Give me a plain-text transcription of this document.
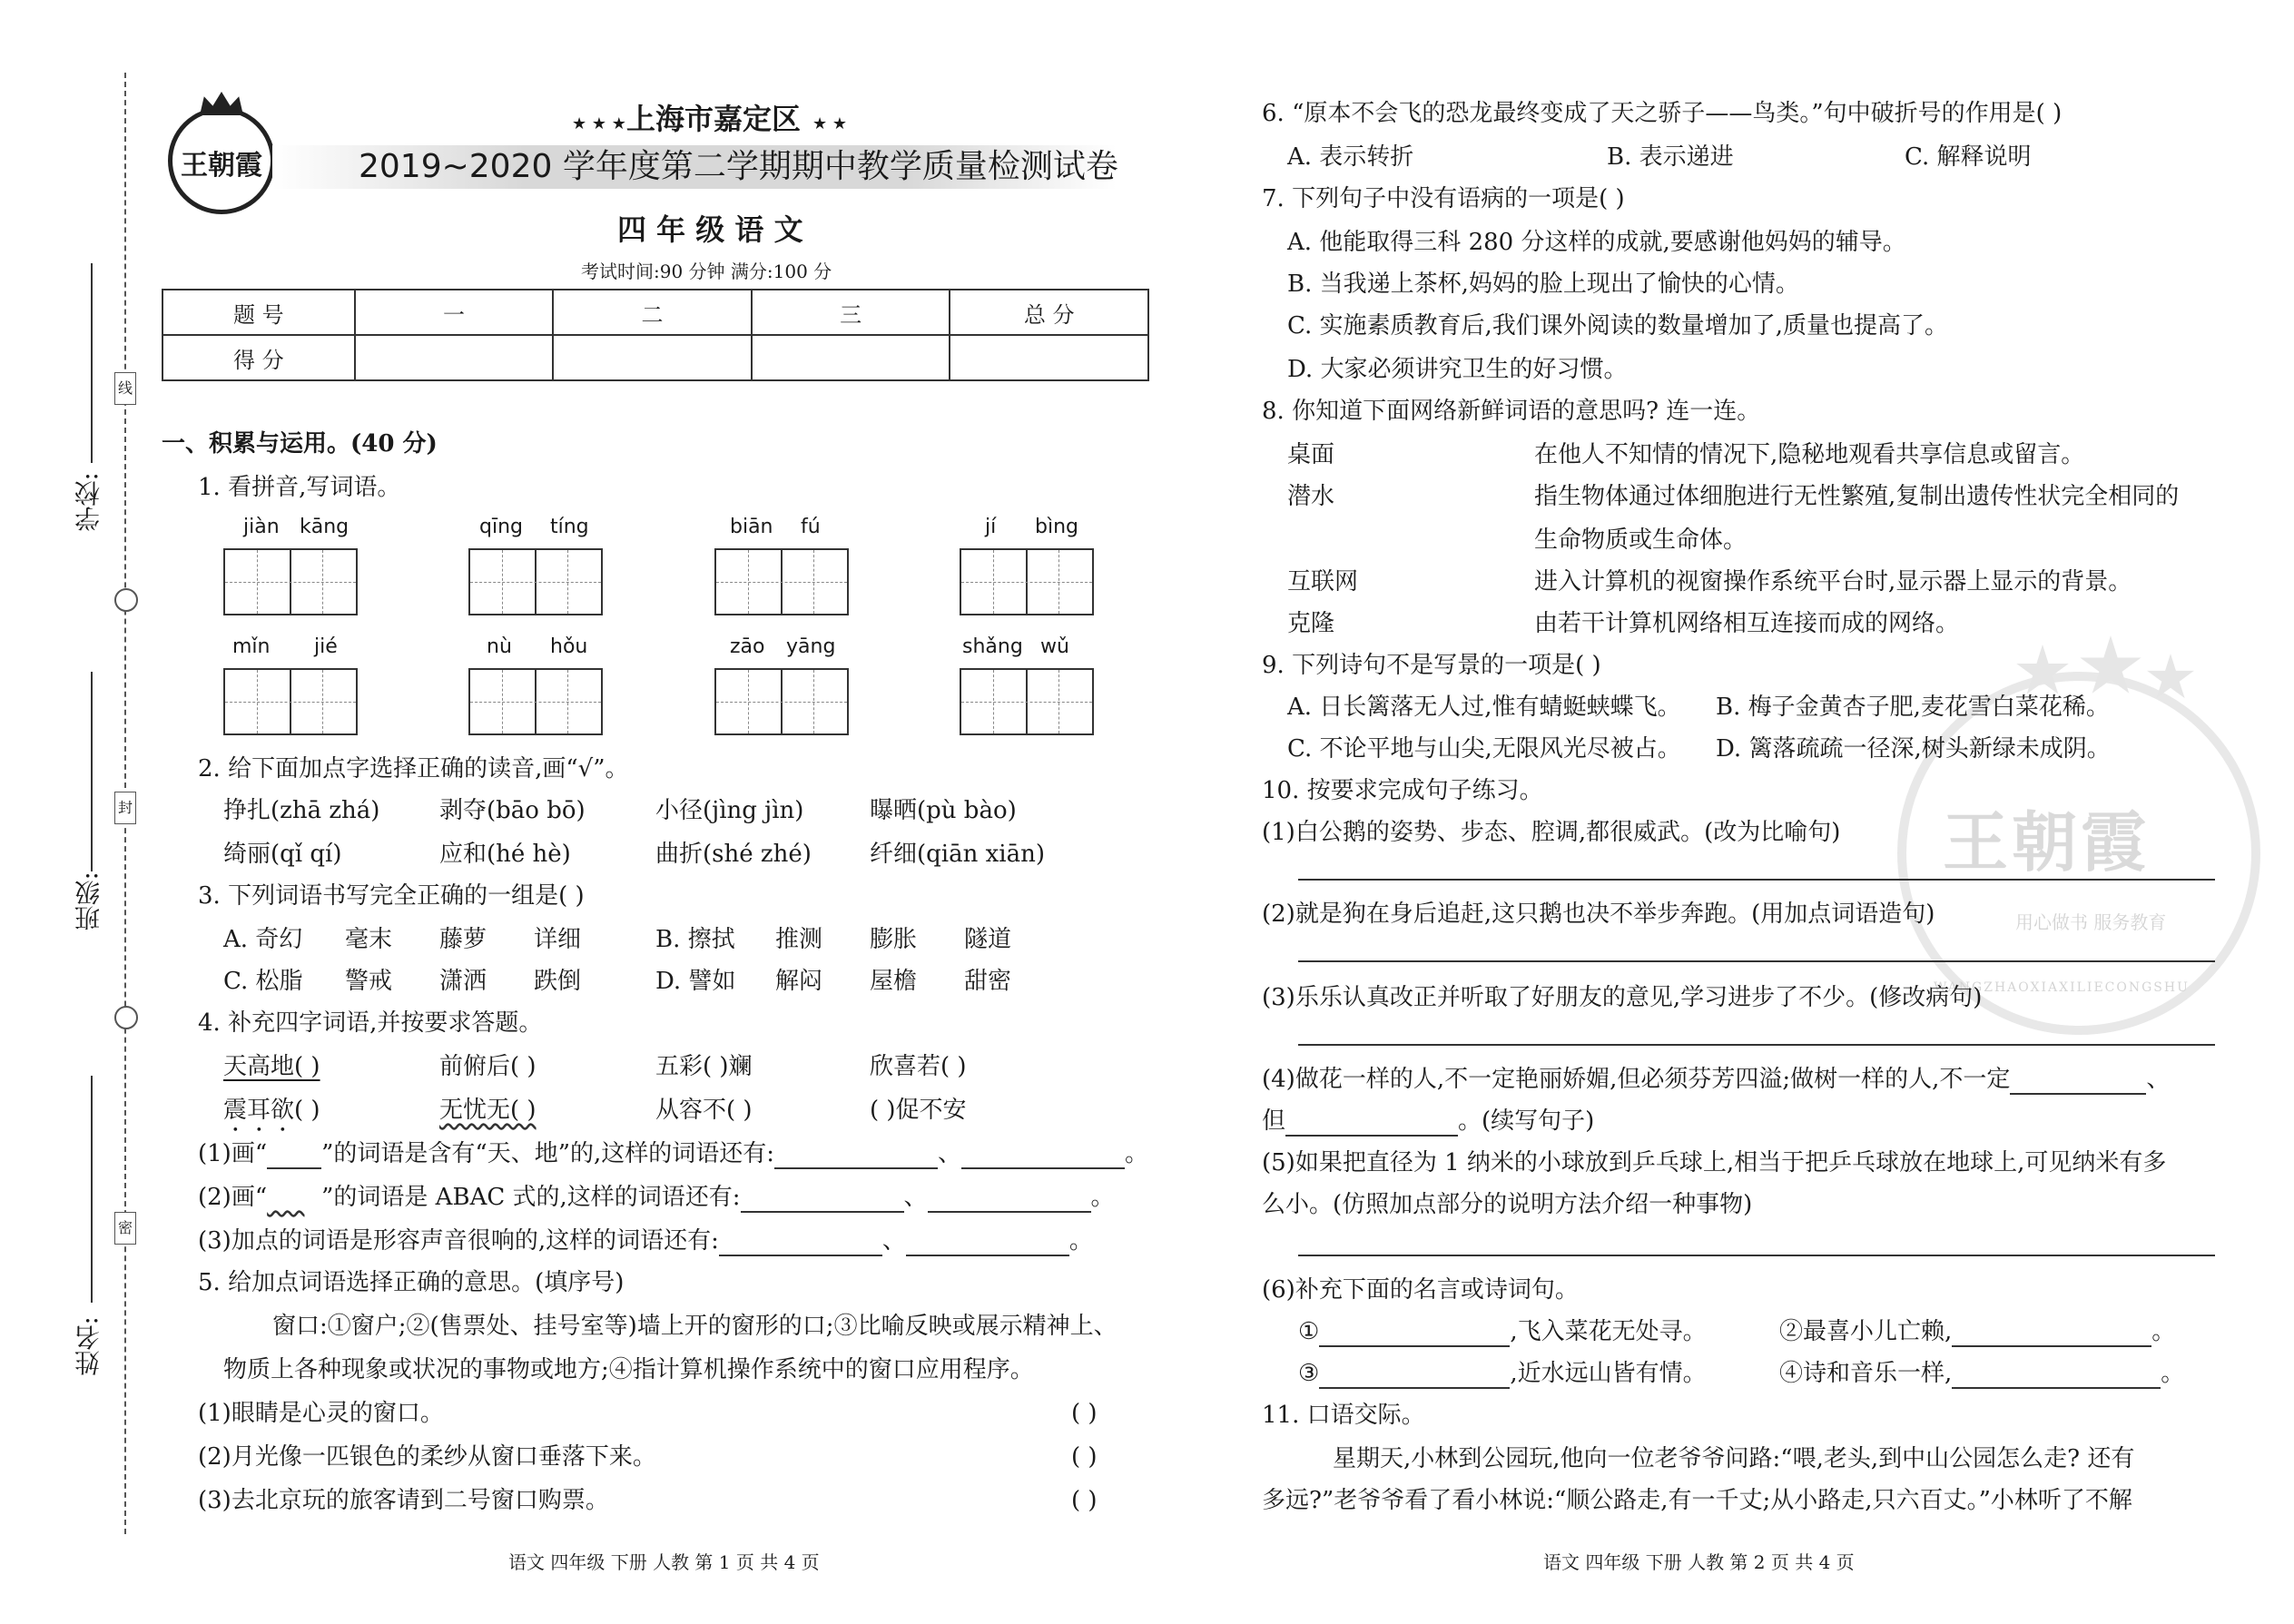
学校:
班级:
姓名:
线
封
密
王朝霞
★ ★ ★ 上海市嘉定区 ★ ★
2019~2020 学年度第二学期期中教学质量检测试卷
四 年 级 语 文
考试时间:90 分钟 满分:100 分
题 号	一	二	三	总 分
得 分				
一、积累与运用。(40 分)
1. 看拼音,写词语。
jiàn kāng	qīng tíng	biān fú	jí bìng
mǐn jié	nù hǒu	zāo yāng	shǎng wǔ
2. 给下面加点字选择正确的读音,画“√”。
挣扎(zhā zhá)	剥夺(bāo bō)	小径(jìng jìn)	曝晒(pù bào)
绮丽(qǐ qí)	应和(hé hè)	曲折(shé zhé) 纤细(qiān xiān)
3. 下列词语书写完全正确的一组是( )
A. 奇幻 毫末 藤萝 详细	B. 擦拭 推测 膨胀 隧道
C. 松脂 警戒 潇洒 跌倒	D. 譬如 解闷 屋檐 甜密
4. 补充四字词语,并按要求答题。
天高地( )	前俯后( )	五彩( )斓	欣喜若( )
震耳欲( )	无忧无( )	从容不( )	( )促不安
(1)画“ ”的词语是含有“天、地”的,这样的词语还有:	、	。
(2)画“ ”的词语是 ABAC 式的,这样的词语还有:	、	。
(3)加点的词语是形容声音很响的,这样的词语还有:	、	。
5. 给加点词语选择正确的意思。(填序号)
窗口:①窗户;②(售票处、挂号室等)墙上开的窗形的口;③比喻反映或展示精神上、
物质上各种现象或状况的事物或地方;④指计算机操作系统中的窗口应用程序。
(1)眼睛是心灵的窗口。	( )
(2)月光像一匹银色的柔纱从窗口垂落下来。	( )
(3)去北京玩的旅客请到二号窗口购票。	( )
语文 四年级 下册 人教 第 1 页 共 4 页
王朝霞
用心做书 服务教育
WANGZHAOXIAXILIECONGSHU
6. “原本不会飞的恐龙最终变成了天之骄子——鸟类。”句中破折号的作用是( )
A. 表示转折	B. 表示递进	C. 解释说明
7. 下列句子中没有语病的一项是( )
A. 他能取得三科 280 分这样的成就,要感谢他妈妈的辅导。
B. 当我递上茶杯,妈妈的脸上现出了愉快的心情。
C. 实施素质教育后,我们课外阅读的数量增加了,质量也提高了。
D. 大家必须讲究卫生的好习惯。
8. 你知道下面网络新鲜词语的意思吗? 连一连。
桌面	在他人不知情的情况下,隐秘地观看共享信息或留言。
潜水	指生物体通过体细胞进行无性繁殖,复制出遗传性状完全相同的
生命物质或生命体。
互联网	进入计算机的视窗操作系统平台时,显示器上显示的背景。
克隆	由若干计算机网络相互连接而成的网络。
9. 下列诗句不是写景的一项是( )
A. 日长篱落无人过,惟有蜻蜓蛱蝶飞。 B. 梅子金黄杏子肥,麦花雪白菜花稀。
C. 不论平地与山尖,无限风光尽被占。 D. 篱落疏疏一径深,树头新绿未成阴。
10. 按要求完成句子练习。
(1)白公鹅的姿势、步态、腔调,都很威武。(改为比喻句)
(2)就是狗在身后追赶,这只鹅也决不举步奔跑。(用加点词语造句)
(3)乐乐认真改正并听取了好朋友的意见,学习进步了不少。(修改病句)
(4)做花一样的人,不一定艳丽娇媚,但必须芬芳四溢;做树一样的人,不一定	、
但	。(续写句子)
(5)如果把直径为 1 纳米的小球放到乒乓球上,相当于把乒乓球放在地球上,可见纳米有多
么小。(仿照加点部分的说明方法介绍一种事物)
(6)补充下面的名言或诗词句。
①	,飞入菜花无处寻。	②最喜小儿亡赖,	。
③	,近水远山皆有情。	④诗和音乐一样,	。
11. 口语交际。
星期天,小林到公园玩,他向一位老爷爷问路:“喂,老头,到中山公园怎么走? 还有
多远?”老爷爷看了看小林说:“顺公路走,有一千丈;从小路走,只六百丈。”小林听了不解
语文 四年级 下册 人教 第 2 页 共 4 页
